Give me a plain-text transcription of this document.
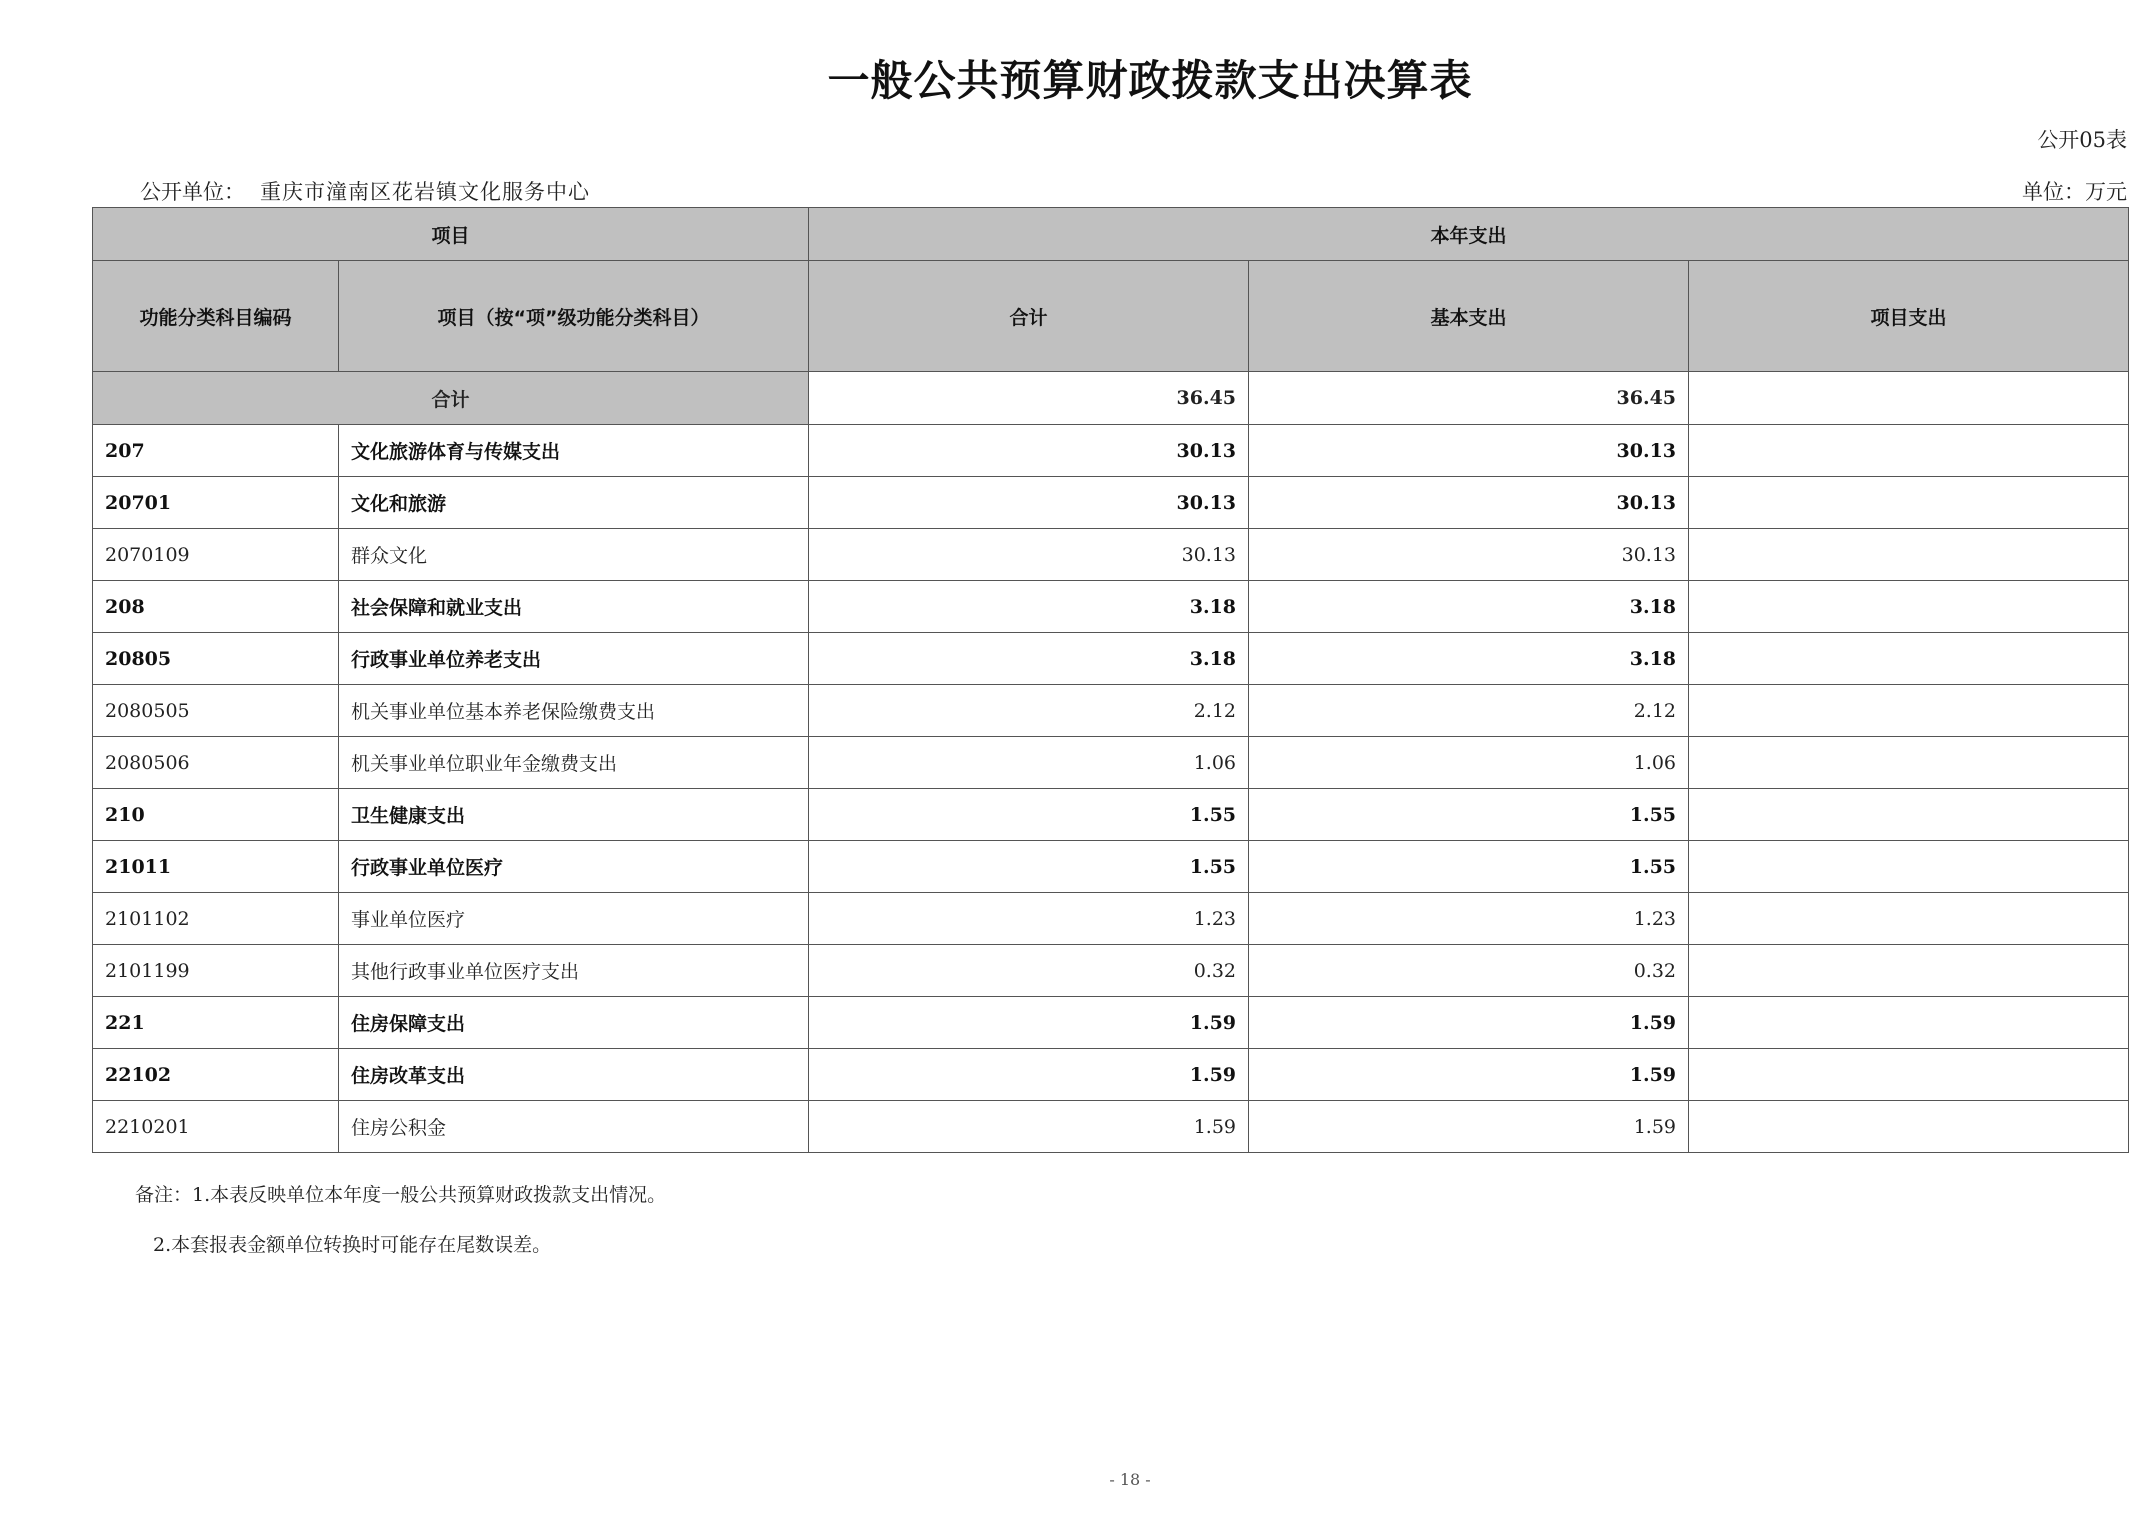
一般公共预算财政拨款支出决算表
公开05表
公开单位： 重庆市潼南区花岩镇文化服务中心	单位：万元
项目		本年支出		
功能分类科目编码	项目（按“项”级功能分类科目）	合计	基本支出	项目支出
合计		36.45	36.45	
207	文化旅游体育与传媒支出	30.13	30.13	
20701	文化和旅游	30.13	30.13	
2070109	群众文化	30.13	30.13	
208	社会保障和就业支出	3.18	3.18	
20805	行政事业单位养老支出	3.18	3.18	
2080505	机关事业单位基本养老保险缴费支出	2.12	2.12	
2080506	机关事业单位职业年金缴费支出	1.06	1.06	
210	卫生健康支出	1.55	1.55	
21011	行政事业单位医疗	1.55	1.55	
2101102	事业单位医疗	1.23	1.23	
2101199	其他行政事业单位医疗支出	0.32	0.32	
221	住房保障支出	1.59	1.59	
22102	住房改革支出	1.59	1.59	
2210201	住房公积金	1.59	1.59	
备注：1.本表反映单位本年度一般公共预算财政拨款支出情况。
2.本套报表金额单位转换时可能存在尾数误差。
- 18 -
